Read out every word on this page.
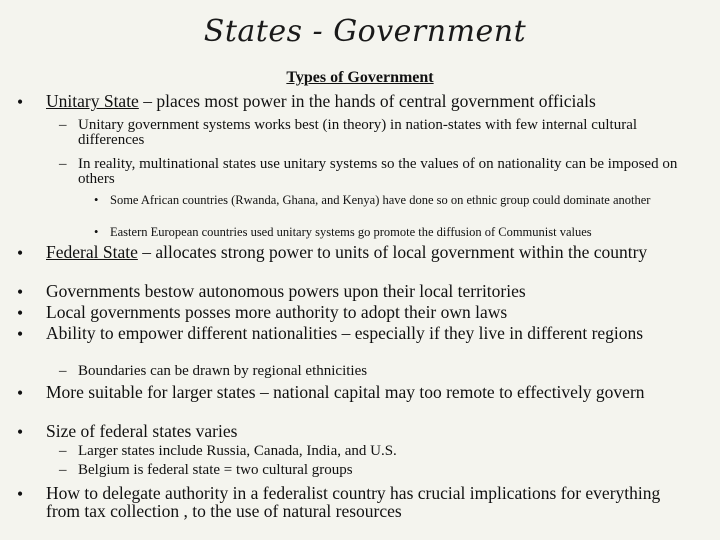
States - Government
Types of Government
• Unitary State – places most power in the hands of central government officials
– Unitary government systems works best (in theory) in nation-states with few internal cultural differences
– In reality, multinational states use unitary systems so the values of on nationality can be imposed on others
• Some African countries (Rwanda, Ghana, and Kenya) have done so on ethnic group could dominate another
• Eastern European countries used unitary systems go promote the diffusion of Communist values
• Federal State – allocates strong power to units of local government within the country
• Governments bestow autonomous powers upon their local territories
• Local governments posses more authority to adopt their own laws
• Ability to empower different nationalities – especially if they live in different regions
– Boundaries can be drawn by regional ethnicities
• More suitable for larger states – national capital may too remote to effectively govern
• Size of federal states varies
– Larger states include Russia, Canada, India, and U.S.
– Belgium is federal state = two cultural groups
• How to delegate authority in a federalist country has crucial implications for everything from tax collection , to the use of natural resources
